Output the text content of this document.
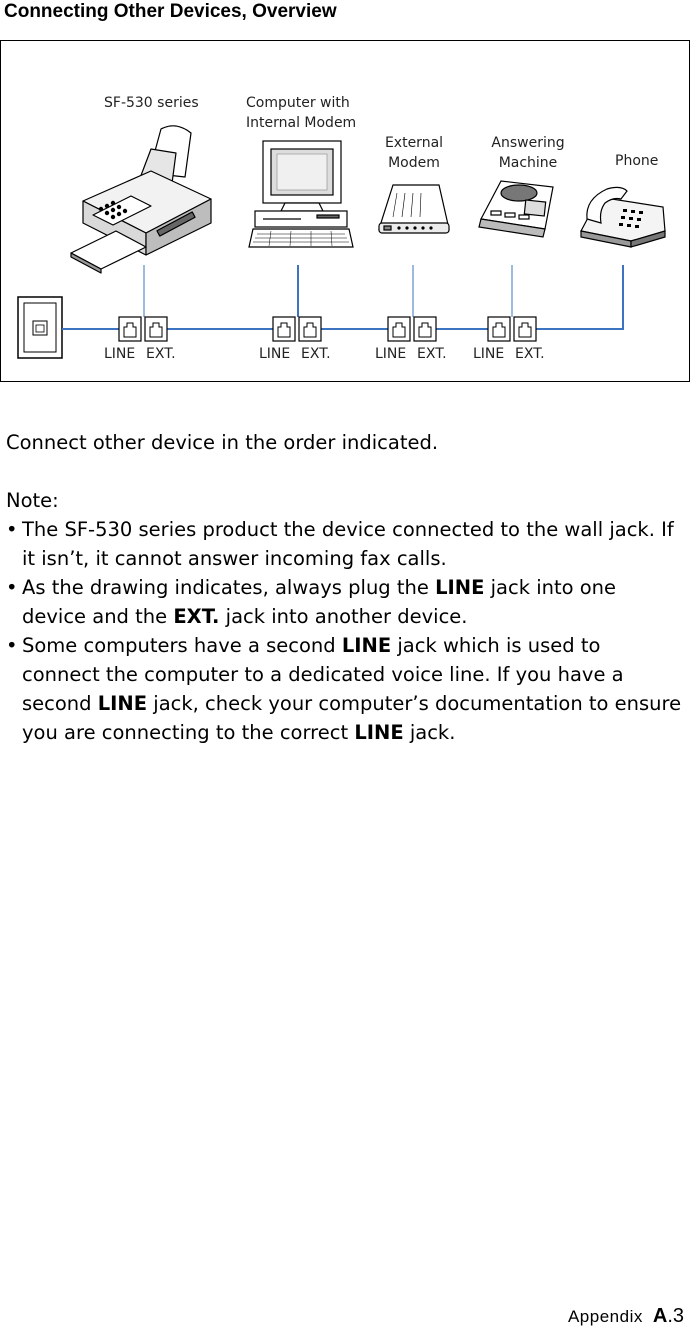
Connecting Other Devices, Overview
LINE EXT.	LINE EXT.	LINE EXT. LINE EXT.
SF-530 series	Computer with
Internal Modem
External
Modem
Answering
Machine	Phone

Connect other device in the order indicated.

Note:

• The SF-530 series product the device connected to the wall jack. If it isn’t, it cannot answer incoming fax calls.

• As the drawing indicates, always plug the LINE jack into one device and the EXT. jack into another device.

• Some computers have a second LINE jack which is used to connect the computer to a dedicated voice line. If you have a second LINE jack, check your computer’s documentation to ensure you are connecting to the correct LINE jack.

Appendix A.3
